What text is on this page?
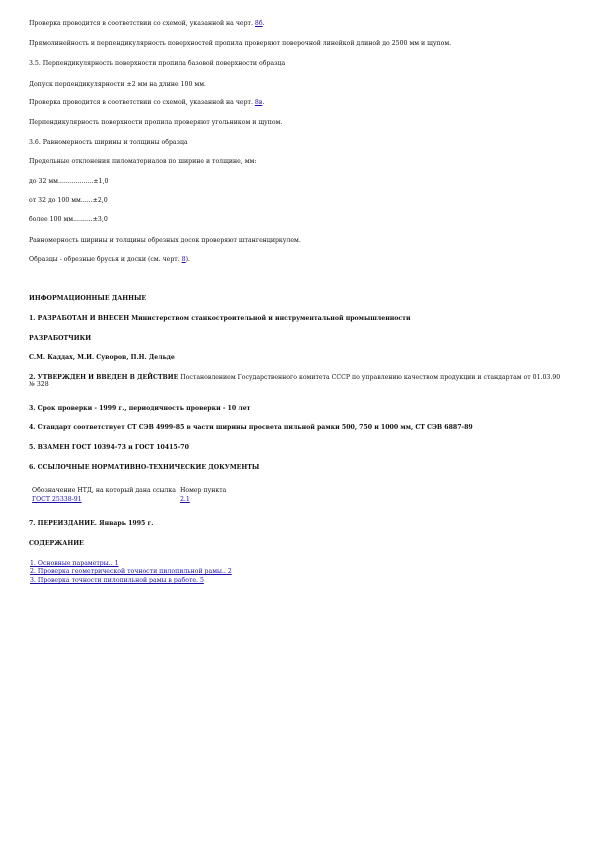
Проверка проводится в соответствии со схемой, указанной на черт. 8б.
Прямолинейность и перпендикулярность поверхностей пропила проверяют поверочной линейкой длиной до 2500 мм и щупом.
3.5. Перпендикулярность поверхности пропила базовой поверхности образца
Допуск перпендикулярности ±2 мм на длине 100 мм.
Проверка проводится в соответствии со схемой, указанной на черт. 8в.
Перпендикулярность поверхности пропила проверяют угольником и щупом.
3.6. Равномерность ширины и толщины образца
Предельные отклонения пиломатериалов по ширине и толщине, мм:
до 32 мм..................±1,0
от 32 до 100 мм......±2,0
более 100 мм..........±3,0
Равномерность ширины и толщины обрезных досок проверяют штангенциркулем.
Образцы - обрезные брусья и доски (см. черт. 8).
ИНФОРМАЦИОННЫЕ ДАННЫЕ
1. РАЗРАБОТАН И ВНЕСЕН Министерством станкостроительной и инструментальной промышленности
РАЗРАБОТЧИКИ
С.М. Каддах, М.И. Суворов, П.Н. Дельде
2. УТВЕРЖДЕН И ВВЕДЕН В ДЕЙСТВИЕ Постановлением Государственного комитета СССР по управлению качеством продукции и стандартам от 01.03.90 № 328
3. Срок проверки - 1999 г., периодичность проверки - 10 лет
4. Стандарт соответствует СТ СЭВ 4999-85 в части ширины просвета пильной рамки 500, 750 и 1000 мм, СТ СЭВ 6887-89
5. ВЗАМЕН ГОСТ 10394-73 и ГОСТ 10415-70
6. ССЫЛОЧНЫЕ НОРМАТИВНО-ТЕХНИЧЕСКИЕ ДОКУМЕНТЫ
Обозначение НТД, на который дана ссылка	Номер пункта
ГОСТ 25338-91	2.1
7. ПЕРЕИЗДАНИЕ. Январь 1995 г.
СОДЕРЖАНИЕ
1. Основные параметры.. 1
2. Проверка геометрической точности пилопильной рамы.. 2
3. Проверка точности пилопильной рамы в работе. 5
